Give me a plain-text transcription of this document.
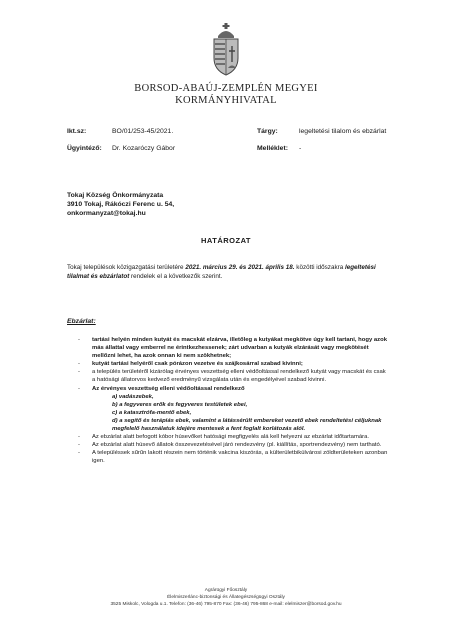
BORSOD-ABAÚJ-ZEMPLÉN MEGYEI
KORMÁNYHIVATAL
Ikt.sz:	BO/01/253-45/2021.	Tárgy:	legeltetési tilalom és ebzárlat
Ügyintéző: Dr. Kozaróczy Gábor	Melléklet: -
Tokaj Község Önkormányzata
3910 Tokaj, Rákóczi Ferenc u. 54,
onkormanyzat@tokaj.hu
HATÁROZAT
Tokaj településok közigazgatási területére 2021. március 29. és 2021. április 18. közötti időszakra legeltetési tilalmat és ebzárlatot rendelek el a következők szerint.
Ebzárlat:
- tartási helyén minden kutyát és macskát elzárva, illetőleg a kutyákat megkötve úgy kell tartani, hogy azok más állattal vagy emberrel ne érintkezhessenek; zárt udvarban a kutyák elzárását vagy megkötését mellőzni lehet, ha azok onnan ki nem szökhetnek;
- kutyát tartási helyéről csak pórázon vezetve és szájkosárral szabad kivinni;
- a település területéről kizárólag érvényes veszettség elleni védőoltással rendelkező kutyát vagy macskát és csak a hatósági állatorvos kedvező eredményű vizsgálata után és engedélyével szabad kivinni.
- Az érvényes veszettség elleni védőoltással rendelkező
a) vadászebek,
b) a fegyveres erők és fegyveres testületek ebei,
c) a katasztrófa-mentő ebek,
d) a segítő és terápiás ebek, valamint a látássérült embereket vezető ebek rendeltetési céljuknak megfelelő használatuk idejére mentesek a fent foglalt korlátozás alól.
- Az ebzárlat alatt befogott kóbor húsevőket hatósági megfigyelés alá kell helyezni az ebzárlat időtartamára.
- Az ebzárlat alatt húsevő állatok összevezetésével járó rendezvény (pl. kiállítás, sportrendezvény) nem tartható.
- A településsek sűrűn lakott részein nem történik vakcina kiszórás, a külterületbikülvárosi zöldterületeken azonban igen.
Agrárügyi Főosztály
Élelmiszerlánc-biztonsági és Állategészségügyi Osztály
3525 Miskolc, Vologda u.1. Telefon: (36-46) 795-870 Fax: (36-46) 795-868 e-mail: elelmiszer@borsod.gov.hu
